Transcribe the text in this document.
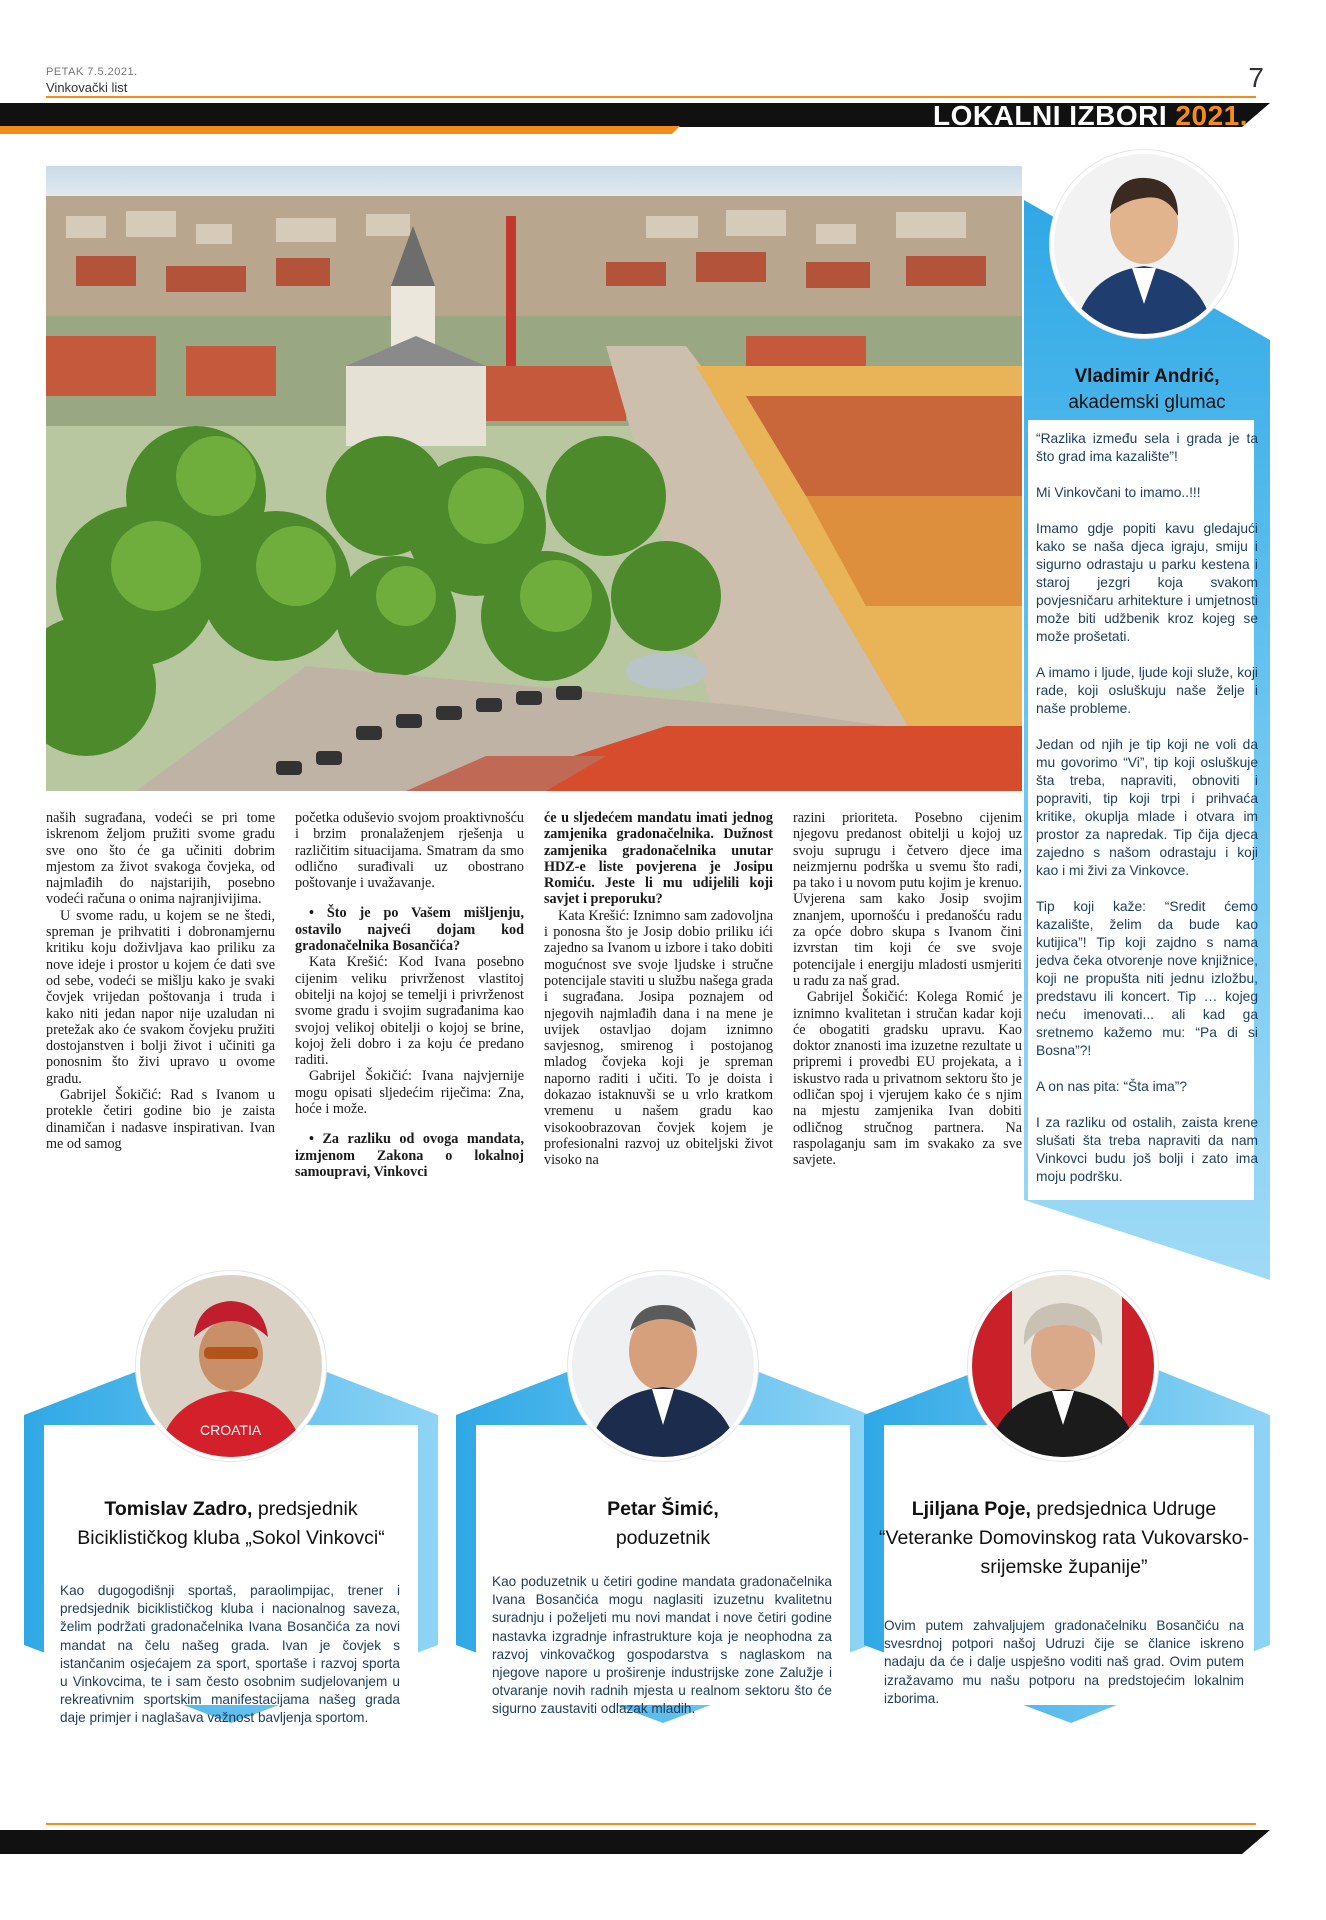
PETAK 7.5.2021.
Vinkovački list	7
LOKALNI IZBORI 2021.

naših sugrađana, vodeći se pri tome iskrenom željom pružiti svome gradu sve ono što će ga učiniti dobrim mjestom za život svakoga čovjeka, od najmlađih do najstarijih, posebno vodeći računa o onima najranjivijima.

U svome radu, u kojem se ne štedi, spreman je prihvatiti i dobronamjernu kritiku koju doživljava kao priliku za nove ideje i prostor u kojem će dati sve od sebe, vodeći se mišlju kako je svaki čovjek vrijedan poštovanja i truda i kako niti jedan napor nije uzaludan ni pretežak ako će svakom čovjeku pružiti dostojanstven i bolji život i učiniti ga ponosnim što živi upravo u ovome gradu.

Gabrijel Šokičić: Rad s Ivanom u protekle četiri godine bio je zaista dinamičan i nadasve inspirativan. Ivan me od samog

početka oduševio svojom proaktivnošću i brzim pronalaženjem rješenja u različitim situacijama. Smatram da smo odlično surađivali uz obostrano poštovanje i uvažavanje.

• Što je po Vašem mišljenju, ostavilo najveći dojam kod gradonačelnika Bosančića?

Kata Krešić: Kod Ivana posebno cijenim veliku privrženost vlastitoj obitelji na kojoj se temelji i privrženost svome gradu i svojim sugrađanima kao svojoj velikoj obitelji o kojoj se brine, kojoj želi dobro i za koju će predano raditi.

Gabrijel Šokičić: Ivana najvjernije mogu opisati sljedećim riječima: Zna, hoće i može.

• Za razliku od ovoga mandata, izmjenom Zakona o lokalnoj samoupravi, Vinkovci

će u sljedećem mandatu imati jednog zamjenika gradonačelnika. Dužnost zamjenika gradonačelnika unutar HDZ-e liste povjerena je Josipu Romiću. Jeste li mu udijelili koji savjet i preporuku?

Kata Krešić: Iznimno sam zadovoljna i ponosna što je Josip dobio priliku ići zajedno sa Ivanom u izbore i tako dobiti mogućnost sve svoje ljudske i stručne potencijale staviti u službu našega grada i sugrađana. Josipa poznajem od njegovih najmlađih dana i na mene je uvijek ostavljao dojam iznimno savjesnog, smirenog i postojanog mladog čovjeka koji je spreman naporno raditi i učiti. To je doista i dokazao istaknuvši se u vrlo kratkom vremenu u našem gradu kao visokoobrazovan čovjek kojem je profesionalni razvoj uz obiteljski život visoko na

razini prioriteta. Posebno cijenim njegovu predanost obitelji u kojoj uz svoju suprugu i četvero djece ima neizmjernu podrška u svemu što radi, pa tako i u novom putu kojim je krenuo. Uvjerena sam kako Josip svojim znanjem, upornošću i predanošću radu za opće dobro skupa s Ivanom čini izvrstan tim koji će sve svoje potencijale i energiju mladosti usmjeriti u radu za naš grad.

Gabrijel Šokičić: Kolega Romić je iznimno kvalitetan i stručan kadar koji će obogatiti gradsku upravu. Kao doktor znanosti ima izuzetne rezultate u pripremi i provedbi EU projekata, a i iskustvo rada u privatnom sektoru što je odličan spoj i vjerujem kako će s njim na mjestu zamjenika Ivan dobiti odličnog stručnog partnera. Na raspolaganju sam im svakako za sve savjete.

Vladimir Andrić,
akademski glumac

“Razlika između sela i grada je ta što grad ima kazalište”!

Mi Vinkovčani to imamo..!!!

Imamo gdje popiti kavu gledajući kako se naša djeca igraju, smiju i sigurno odrastaju u parku kestena i staroj jezgri koja svakom povjesničaru arhitekture i umjetnosti može biti udžbenik kroz kojeg se može prošetati.

A imamo i ljude, ljude koji služe, koji rade, koji osluškuju naše želje i naše probleme.

Jedan od njih je tip koji ne voli da mu govorimo “Vi”, tip koji osluškuje šta treba, napraviti, obnoviti i popraviti, tip koji trpi i prihvaća kritike, okuplja mlade i otvara im prostor za napredak. Tip čija djeca zajedno s našom odrastaju i koji kao i mi živi za Vinkovce.

Tip koji kaže: “Sredit ćemo kazalište, želim da bude kao kutijica”! Tip koji zajdno s nama jedva čeka otvorenje nove knjižnice, koji ne propušta niti jednu izložbu, predstavu ili koncert. Tip … kojeg neću imenovati... ali kad ga sretnemo kažemo mu: “Pa di si Bosna”?!

A on nas pita: “Šta ima”?

I za razliku od ostalih, zaista krene slušati šta treba napraviti da nam Vinkovci budu još bolji i zato ima moju podršku.

CROATIA
Tomislav Zadro, predsjednik
Biciklističkog kluba „Sokol Vinkovci“
Kao dugogodišnji sportaš, paraolimpijac, trener i predsjednik biciklističkog kluba i nacionalnog saveza, želim podržati gradonačelnika Ivana Bosančića za novi mandat na čelu našeg grada. Ivan je čovjek s istančanim osjećajem za sport, sportaše i razvoj sporta u Vinkovcima, te i sam često osobnim sudjelovanjem u rekreativnim sportskim manifestacijama našeg grada daje primjer i naglašava važnost bavljenja sportom.
Petar Šimić,
poduzetnik
Kao poduzetnik u četiri godine mandata gradonačelnika Ivana Bosančića mogu naglasiti izuzetnu kvalitetnu suradnju i poželjeti mu novi mandat i nove četiri godine nastavka izgradnje infrastrukture koja je neophodna za razvoj vinkovačkog gospodarstva s naglaskom na njegove napore u proširenje industrijske zone Zalužje i otvaranje novih radnih mjesta u realnom sektoru što će sigurno zaustaviti odlazak mladih.
Ljiljana Poje, predsjednica Udruge
“Veteranke Domovinskog rata Vukovarsko-srijemske županije”
Ovim putem zahvaljujem gradonačelniku Bosančiću na svesrdnoj potpori našoj Udruzi čije se članice iskreno nadaju da će i dalje uspješno voditi naš grad. Ovim putem izražavamo mu našu potporu na predstojećim lokalnim izborima.
